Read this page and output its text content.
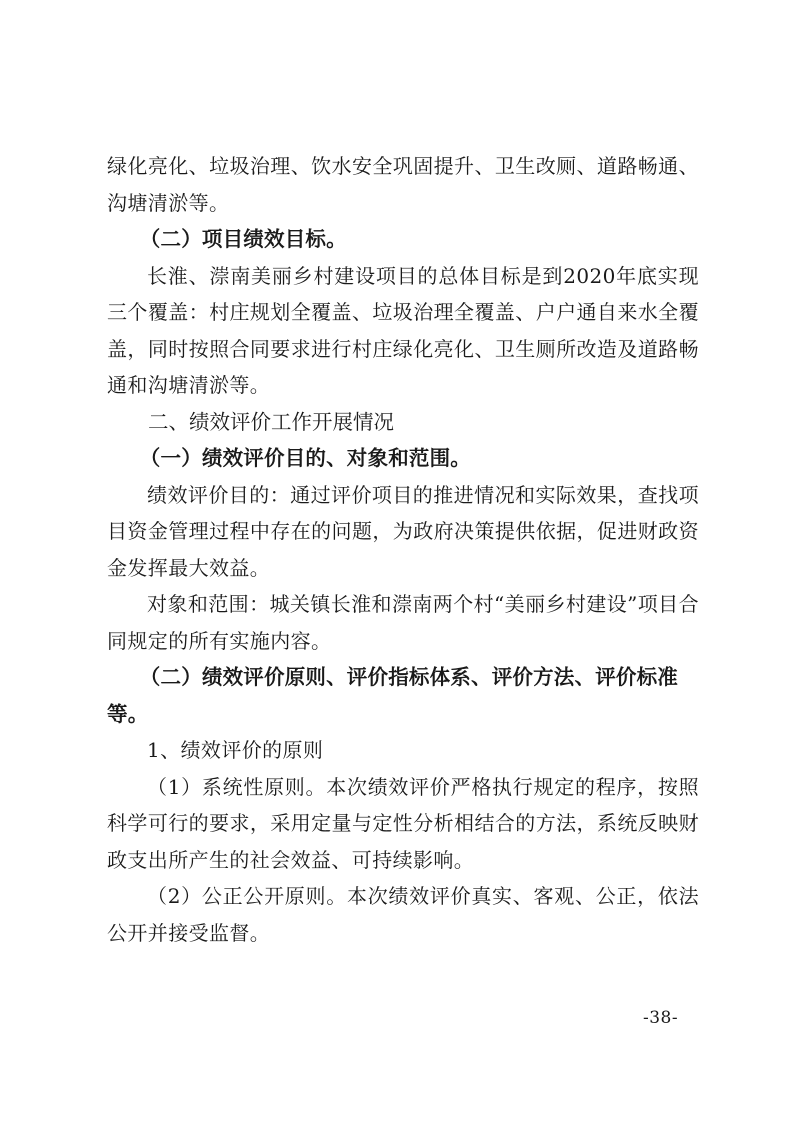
绿化亮化、垃圾治理、饮水安全巩固提升、卫生改厕、道路畅通、沟塘清淤等。

（二）项目绩效目标。

长淮、漴南美丽乡村建设项目的总体目标是到2020年底实现三个覆盖：村庄规划全覆盖、垃圾治理全覆盖、户户通自来水全覆盖，同时按照合同要求进行村庄绿化亮化、卫生厕所改造及道路畅通和沟塘清淤等。

二、绩效评价工作开展情况

（一）绩效评价目的、对象和范围。

绩效评价目的：通过评价项目的推进情况和实际效果，查找项目资金管理过程中存在的问题，为政府决策提供依据，促进财政资金发挥最大效益。

对象和范围：城关镇长淮和漴南两个村“美丽乡村建设”项目合同规定的所有实施内容。

（二）绩效评价原则、评价指标体系、评价方法、评价标准等。

1、绩效评价的原则

（1）系统性原则。本次绩效评价严格执行规定的程序，按照科学可行的要求，采用定量与定性分析相结合的方法，系统反映财政支出所产生的社会效益、可持续影响。

（2）公正公开原则。本次绩效评价真实、客观、公正，依法公开并接受监督。

-38-
